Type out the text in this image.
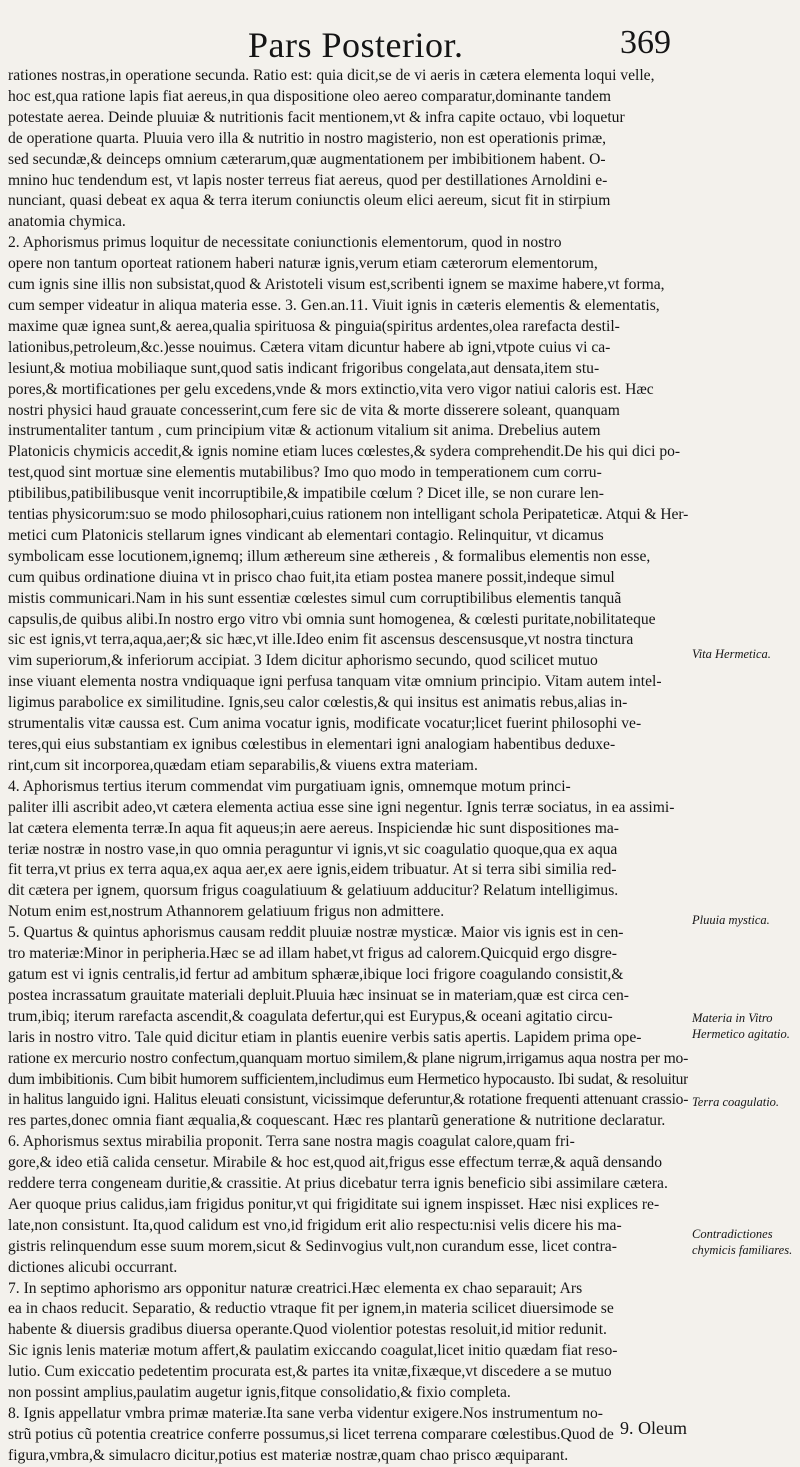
Pars Posterior.	369
rationes nostras,in operatione secunda. Ratio est: quia dicit,se de vi aeris in cætera elementa loqui velle,
hoc est,qua ratione lapis fiat aereus,in qua dispositione oleo aereo comparatur,dominante tandem
potestate aerea. Deinde pluuiæ & nutritionis facit mentionem,vt & infra capite octauo, vbi loquetur
de operatione quarta. Pluuia vero illa & nutritio in nostro magisterio, non est operationis primæ,
sed secundæ,& deinceps omnium cæterarum,quæ augmentationem per imbibitionem habent. O-
mnino huc tendendum est, vt lapis noster terreus fiat aereus, quod per destillationes Arnoldini e-
nunciant, quasi debeat ex aqua & terra iterum coniunctis oleum elici aereum, sicut fit in stirpium
anatomia chymica.
2. Aphorismus primus loquitur de necessitate coniunctionis elementorum, quod in nostro
opere non tantum oporteat rationem haberi naturæ ignis,verum etiam cæterorum elementorum,
cum ignis sine illis non subsistat,quod & Aristoteli visum est,scribenti ignem se maxime habere,vt forma,
cum semper videatur in aliqua materia esse. 3. Gen.an.11. Viuit ignis in cæteris elementis & elementatis,
maxime quæ ignea sunt,& aerea,qualia spirituosa & pinguia(spiritus ardentes,olea rarefacta destil-
lationibus,petroleum,&c.)esse nouimus. Cætera vitam dicuntur habere ab igni,vtpote cuius vi ca-
lesiunt,& motiua mobiliaque sunt,quod satis indicant frigoribus congelata,aut densata,item stu-
pores,& mortificationes per gelu excedens,vnde & mors extinctio,vita vero vigor natiui caloris est. Hæc
nostri physici haud grauate concesserint,cum fere sic de vita & morte disserere soleant, quanquam
instrumentaliter tantum , cum principium vitæ & actionum vitalium sit anima. Drebelius autem
Platonicis chymicis accedit,& ignis nomine etiam luces cœlestes,& sydera comprehendit.De his qui dici po-
test,quod sint mortuæ sine elementis mutabilibus? Imo quo modo in temperationem cum corru-
ptibilibus,patibilibusque venit incorruptibile,& impatibile cœlum ? Dicet ille, se non curare len-
tentias physicorum:suo se modo philosophari,cuius rationem non intelligant schola Peripateticæ. Atqui & Her-
metici cum Platonicis stellarum ignes vindicant ab elementari contagio. Relinquitur, vt dicamus
symbolicam esse locutionem,ignemq; illum æthereum sine æthereis , & formalibus elementis non esse,
cum quibus ordinatione diuina vt in prisco chao fuit,ita etiam postea manere possit,indeque simul
mistis communicari.Nam in his sunt essentiæ cœlestes simul cum corruptibilibus elementis tanquã
capsulis,de quibus alibi.In nostro ergo vitro vbi omnia sunt homogenea, & cœlesti puritate,nobilitateque
sic est ignis,vt terra,aqua,aer;& sic hæc,vt ille.Ideo enim fit ascensus descensusque,vt nostra tinctura
vim superiorum,& inferiorum accipiat. 3 Idem dicitur aphorismo secundo, quod scilicet mutuo
inse viuant elementa nostra vndiquaque igni perfusa tanquam vitæ omnium principio. Vitam autem intel-
ligimus parabolice ex similitudine. Ignis,seu calor cœlestis,& qui insitus est animatis rebus,alias in-
strumentalis vitæ caussa est. Cum anima vocatur ignis, modificate vocatur;licet fuerint philosophi ve-
teres,qui eius substantiam ex ignibus cœlestibus in elementari igni analogiam habentibus deduxe-
rint,cum sit incorporea,quædam etiam separabilis,& viuens extra materiam.
4. Aphorismus tertius iterum commendat vim purgatiuam ignis, omnemque motum princi-
paliter illi ascribit adeo,vt cætera elementa actiua esse sine igni negentur. Ignis terræ sociatus, in ea assimi-
lat cætera elementa terræ.In aqua fit aqueus;in aere aereus. Inspiciendæ hic sunt dispositiones ma-
teriæ nostræ in nostro vase,in quo omnia peraguntur vi ignis,vt sic coagulatio quoque,qua ex aqua
fit terra,vt prius ex terra aqua,ex aqua aer,ex aere ignis,eidem tribuatur. At si terra sibi similia red-
dit cætera per ignem, quorsum frigus coagulatiuum & gelatiuum adducitur? Relatum intelligimus.
Notum enim est,nostrum Athannorem gelatiuum frigus non admittere.
5. Quartus & quintus aphorismus causam reddit pluuiæ nostræ mysticæ. Maior vis ignis est in cen-
tro materiæ:Minor in peripheria.Hæc se ad illam habet,vt frigus ad calorem.Quicquid ergo disgre-
gatum est vi ignis centralis,id fertur ad ambitum sphæræ,ibique loci frigore coagulando consistit,&
postea incrassatum grauitate materiali depluit.Pluuia hæc insinuat se in materiam,quæ est circa cen-
trum,ibiq; iterum rarefacta ascendit,& coagulata defertur,qui est Eurypus,& oceani agitatio circu-
laris in nostro vitro. Tale quid dicitur etiam in plantis euenire verbis satis apertis. Lapidem prima ope-
ratione ex mercurio nostro confectum,quanquam mortuo similem,& plane nigrum,irrigamus aqua nostra per mo-
dum imbibitionis. Cum bibit humorem sufficientem,includimus eum Hermetico hypocausto. Ibi sudat, & resoluitur
in halitus languido igni. Halitus eleuati consistunt, vicissimque deferuntur,& rotatione frequenti attenuant crassio-
res partes,donec omnia fiant æqualia,& coquescant. Hæc res plantarũ generatione & nutritione declaratur.
6. Aphorismus sextus mirabilia proponit. Terra sane nostra magis coagulat calore,quam fri-
gore,& ideo etiã calida censetur. Mirabile & hoc est,quod ait,frigus esse effectum terræ,& aquã densando
reddere terra congeneam duritie,& crassitie. At prius dicebatur terra ignis beneficio sibi assimilare cætera.
Aer quoque prius calidus,iam frigidus ponitur,vt qui frigiditate sui ignem inspisset. Hæc nisi explices re-
late,non consistunt. Ita,quod calidum est vno,id frigidum erit alio respectu:nisi velis dicere his ma-
gistris relinquendum esse suum morem,sicut & Sedinvogius vult,non curandum esse, licet contra-
dictiones alicubi occurrant.
7. In septimo aphorismo ars opponitur naturæ creatrici.Hæc elementa ex chao separauit; Ars
ea in chaos reducit. Separatio, & reductio vtraque fit per ignem,in materia scilicet diuersimode se
habente & diuersis gradibus diuersa operante.Quod violentior potestas resoluit,id mitior redunit.
Sic ignis lenis materiæ motum affert,& paulatim exiccando coagulat,licet initio quædam fiat reso-
lutio. Cum exiccatio pedetentim procurata est,& partes ita vnitæ,fixæque,vt discedere a se mutuo
non possint amplius,paulatim augetur ignis,fitque consolidatio,& fixio completa.
8. Ignis appellatur vmbra primæ materiæ.Ita sane verba videntur exigere.Nos instrumentum no-
strũ potius cũ potentia creatrice conferre possumus,si licet terrena comparare cœlestibus.Quod de
figura,vmbra,& simulacro dicitur,potius est materiæ nostræ,quam chao prisco æquiparant.
Vita Hermetica.
Pluuia mystica.
Materia in Vitro Hermetico agitatio.
Terra coagulatio.
Contradictiones chymicis familiares.
9. Oleum
